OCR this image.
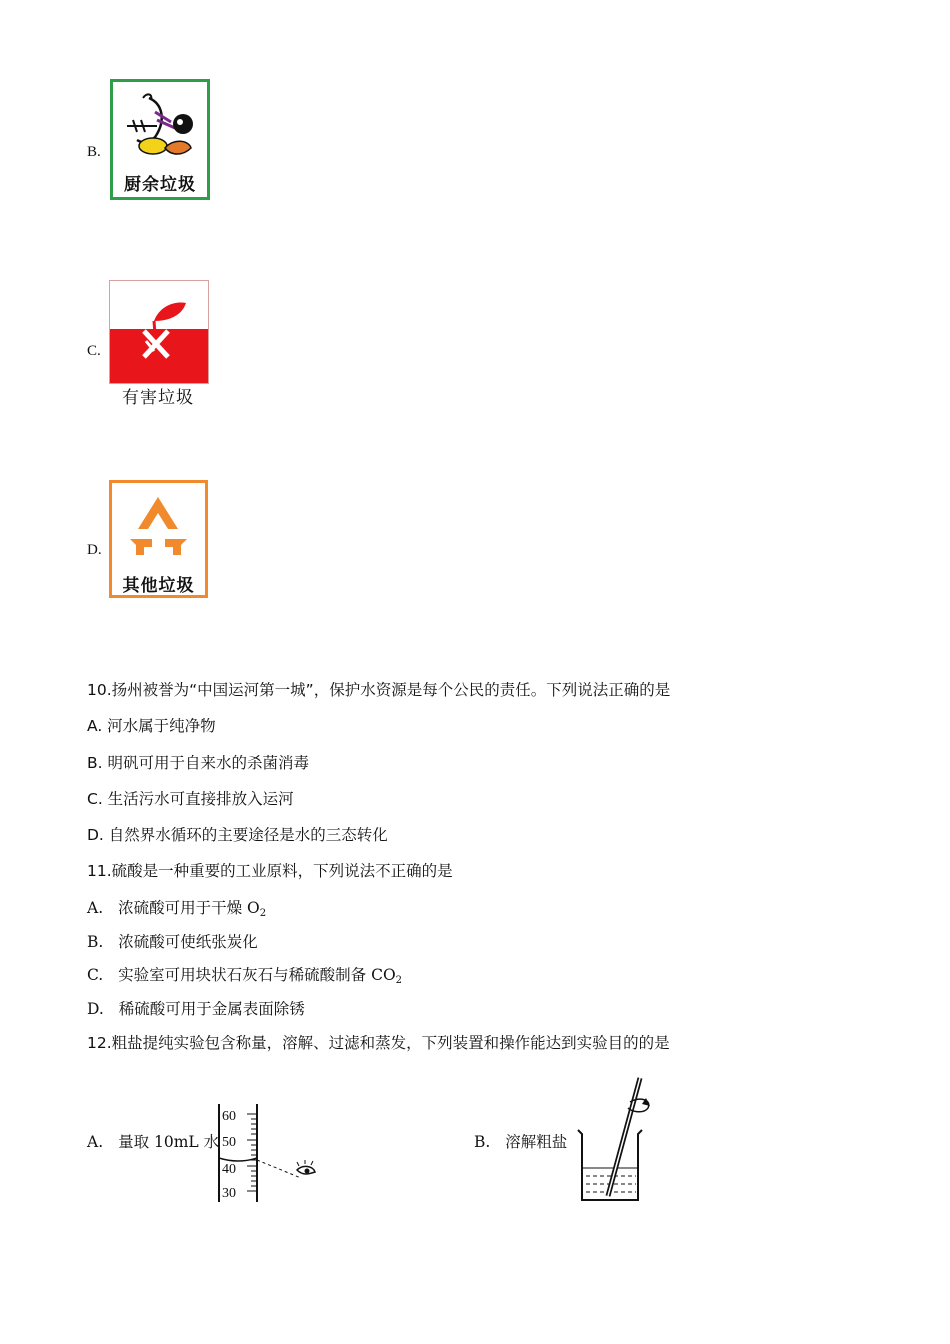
B.
厨余垃圾
C.
有害垃圾
D.
其他垃圾
10.扬州被誉为“中国运河第一城”，保护水资源是每个公民的责任。下列说法正确的是
A. 河水属于纯净物
B. 明矾可用于自来水的杀菌消毒
C. 生活污水可直接排放入运河
D. 自然界水循环的主要途径是水的三态转化
11.硫酸是一种重要的工业原料，下列说法不正确的是
A. 浓硫酸可用于干燥 $O_2$
B. 浓硫酸可使纸张炭化
C. 实验室可用块状石灰石与稀硫酸制备 $CO_2$
D. 稀硫酸可用于金属表面除锈
12.粗盐提纯实验包含称量，溶解、过滤和蒸发，下列装置和操作能达到实验目的的是
A. 量取 10mL 水
60
50
40
30
B. 溶解粗盐
